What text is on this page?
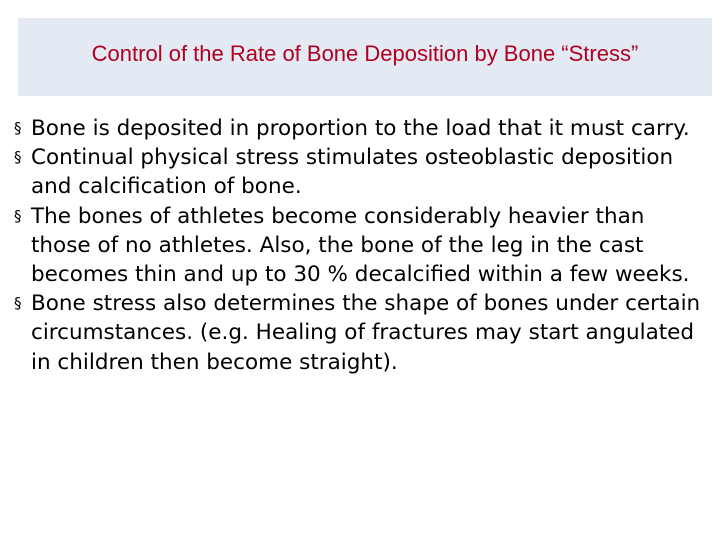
Control of the Rate of Bone Deposition by Bone “Stress”
§ Bone is deposited in proportion to the load that it must carry.
§ Continual physical stress stimulates osteoblastic deposition and calcification of bone.
§ The bones of athletes become considerably heavier than those of no athletes. Also, the bone of the leg in the cast becomes thin and up to 30 % decalcified within a few weeks.
§ Bone stress also determines the shape of bones under certain circumstances. (e.g. Healing of fractures may start angulated in children then become straight).
